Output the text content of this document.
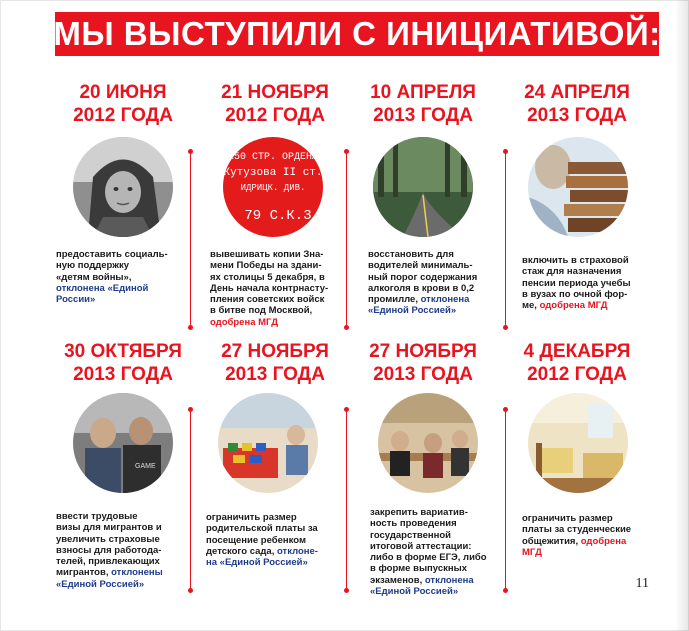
МЫ ВЫСТУПИЛИ С ИНИЦИАТИВОЙ:
20 ИЮНЯ
2012 ГОДА
21 НОЯБРЯ
2012 ГОДА
10 АПРЕЛЯ
2013 ГОДА
24 АПРЕЛЯ
2013 ГОДА
150 СТР. ОРДЕНА
Кутузова II ст.
ИДРИЦК. ДИВ.
79 С.К.3
предоставить социаль-
ную поддержку
«детям войны»,
отклонена «Единой
России»
вывешивать копии Зна-
мени Победы на здани-
ях столицы 5 декабря, в
День начала контрнасту-
пления советских войск
в битве под Москвой,
одобрена МГД
восстановить для
водителей минималь-
ный порог содержания
алкоголя в крови в 0,2
промилле, отклонена
«Единой Россией»
включить в страховой
стаж для назначения
пенсии периода учебы
в вузах по очной фор-
ме, одобрена МГД
30 ОКТЯБРЯ
2013 ГОДА
27 НОЯБРЯ
2013 ГОДА
27 НОЯБРЯ
2013 ГОДА
4 ДЕКАБРЯ
2012 ГОДА
GAME
ввести трудовые
визы для мигрантов и
увеличить страховые
взносы для работода-
телей, привлекающих
мигрантов, отклонены
«Единой Россией»
ограничить размер
родительской платы за
посещение ребенком
детского сада, отклоне-
на «Единой Россией»
закрепить вариатив-
ность проведения
государственной
итоговой аттестации:
либо в форме ЕГЭ, либо
в форме выпускных
экзаменов, отклонена
«Единой Россией»
ограничить размер
платы за студенческие
общежития, одобрена
МГД
11
